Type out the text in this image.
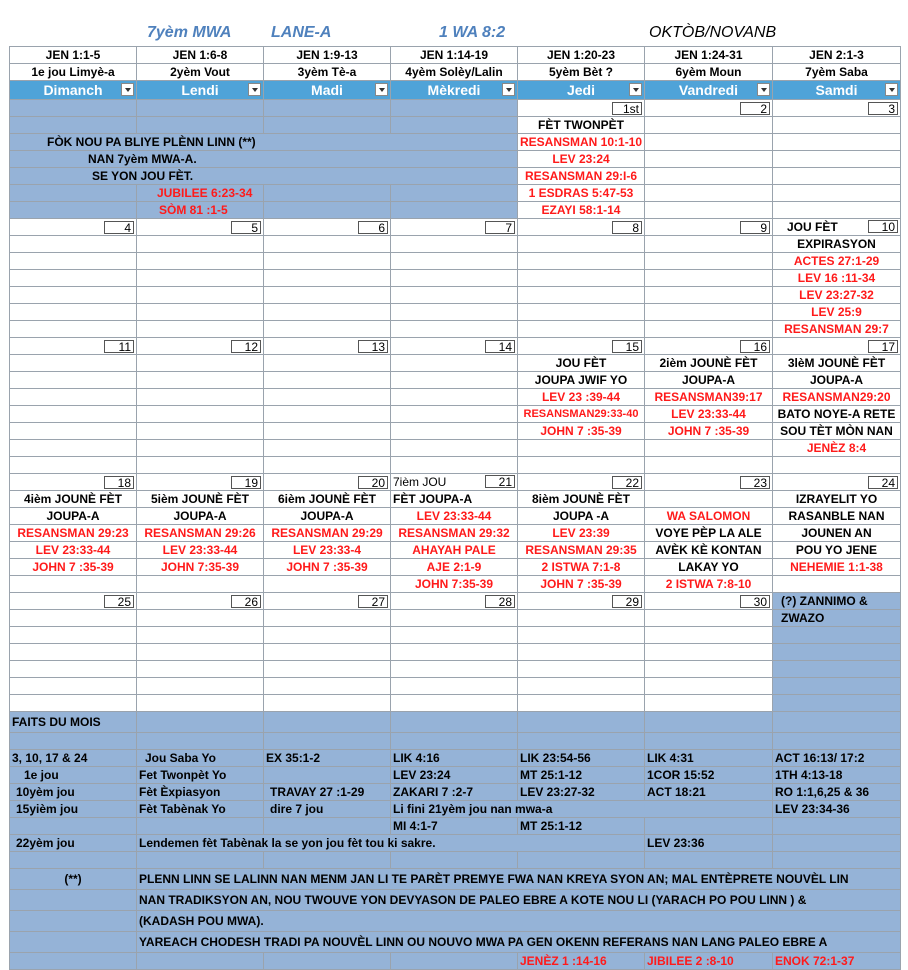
7yèm MWA LANE-A	1 WA 8:2	OKTÒB/NOVANB
JEN 1:1-5	JEN 1:6-8	JEN 1:9-13	JEN 1:14-19	JEN 1:20-23	JEN 1:24-31	JEN 2:1-3
1e jou Limyè-a	2yèm Vout	3yèm Tè-a	4yèm Solèy/Lalin	5yèm Bèt ?	6yèm Moun	7yèm Saba
Dimanch	Lendi	Madi	Mèkredi	Jedi	Vandredi	Samdi

				1st	2	3

				FÈT TWONPÈT		
FÒK NOU PA BLIYE PLÈNN LINN (**)				RESANSMAN 10:1-10		
NAN 7yèm MWA-A.				LEV 23:24		
SE YON JOU FÈT.				RESANSMAN 29:I-6		
	JUBILEE 6:23-34			1 ESDRAS 5:47-53		
	SÒM 81 :1-5			EZAYI 58:1-14		

4	5	6	7	8	9	JOU FÈT 10

						EXPIRASYON
						ACTES 27:1-29
						LEV 16 :11-34
						LEV 23:27-32
						LEV 25:9
						RESANSMAN 29:7

11	12	13	14	15	16	17

				JOU FÈT	2ièm JOUNÈ FÈT	3lèM JOUNÈ FÈT
				JOUPA JWIF YO	JOUPA-A	JOUPA-A
				LEV 23 :39-44	RESANSMAN39:17	RESANSMAN29:20
				RESANSMAN29:33-40	LEV 23:33-44	BATO NOYE-A RETE
				JOHN 7 :35-39	JOHN 7 :35-39	SOU TÈT MÒN NAN
						JENÈZ 8:4

18	19	20	7ièm JOU 21	22	23	24

4ièm JOUNÈ FÈT	5ièm JOUNÈ FÈT	6ièm JOUNÈ FÈT	FÈT JOUPA-A	8ièm JOUNÈ FÈT		IZRAYELIT YO
JOUPA-A	JOUPA-A	JOUPA-A	LEV 23:33-44	JOUPA -A	WA SALOMON	RASANBLE NAN
RESANSMAN 29:23	RESANSMAN 29:26	RESANSMAN 29:29	RESANSMAN 29:32	LEV 23:39	VOYE PÈP LA ALE	JOUNEN AN
LEV 23:33-44	LEV 23:33-44	LEV 23:33-4	AHAYAH PALE	RESANSMAN 29:35	AVÈK KÈ KONTAN	POU YO JENE
JOHN 7 :35-39	JOHN 7:35-39	JOHN 7 :35-39	AJE 2:1-9	2 ISTWA 7:1-8	LAKAY YO	NEHEMIE 1:1-38
			JOHN 7:35-39	JOHN 7 :35-39	2 ISTWA 7:8-10	

25	26	27	28	29	30	(?) ZANNIMO &
						ZWAZO

FAITS DU MOIS						

3, 10, 17 & 24	Jou Saba Yo	EX 35:1-2	LIK 4:16	LIK 23:54-56	LIK 4:31	ACT 16:13/ 17:2
1e jou	Fet Twonpèt Yo		LEV 23:24	MT 25:1-12	1COR 15:52	1TH 4:13-18
10yèm jou	Fèt Èxpiasyon	TRAVAY 27 :1-29	ZAKARI 7 :2-7	LEV 23:27-32	ACT 18:21	RO 1:1,6,25 & 36
15yièm jou	Fèt Tabènak Yo	dire 7 jou	Li fini 21yèm jou nan mwa-a			LEV 23:34-36
			MI 4:1-7	MT 25:1-12		
22yèm jou	Lendemen fèt Tabènak la se yon jou fèt tou ki sakre.				LEV 23:36	

(**)	PLENN LINN SE LALINN NAN MENM JAN LI TE PARÈT PREMYE FWA NAN KREYA SYON AN; MAL ENTÈPRETE NOUVÈL LIN					
	NAN TRADIKSYON AN, NOU TWOUVE YON DEVYASON DE PALEO EBRE A KOTE NOU LI (YARACH PO POU LINN ) &					
	(KADASH POU MWA).					
	YAREACH CHODESH TRADI PA NOUVÈL LINN OU NOUVO MWA PA GEN OKENN REFERANS NAN LANG PALEO EBRE A					
				JENÈZ 1 :14-16	JIBILEE 2 :8-10	ENOK 72:1-37
